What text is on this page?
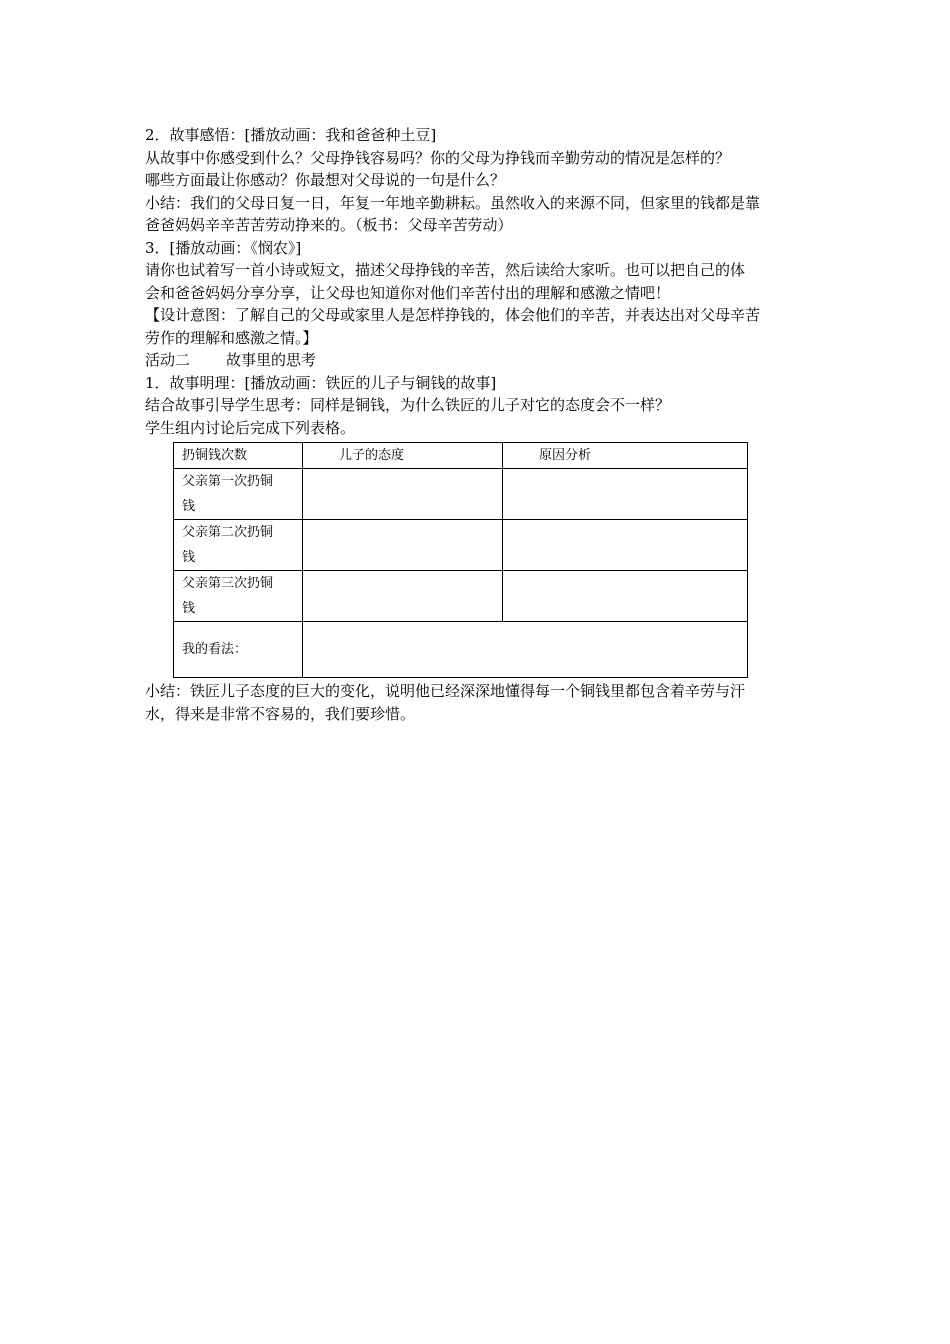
2．故事感悟：[播放动画：我和爸爸种土豆]

从故事中你感受到什么？父母挣钱容易吗？你的父母为挣钱而辛勤劳动的情况是怎样的？

哪些方面最让你感动？你最想对父母说的一句是什么？

小结：我们的父母日复一日，年复一年地辛勤耕耘。虽然收入的来源不同，但家里的钱都是靠

爸爸妈妈辛辛苦苦劳动挣来的。（板书：父母辛苦劳动）

3．[播放动画：《悯农》]

请你也试着写一首小诗或短文，描述父母挣钱的辛苦，然后读给大家听。也可以把自己的体

会和爸爸妈妈分享分享，让父母也知道你对他们辛苦付出的理解和感激之情吧！

【设计意图：了解自己的父母或家里人是怎样挣钱的，体会他们的辛苦，并表达出对父母辛苦

劳作的理解和感激之情。】

活动二 故事里的思考

1．故事明理：[播放动画：铁匠的儿子与铜钱的故事]

结合故事引导学生思考：同样是铜钱，为什么铁匠的儿子对它的态度会不一样？

学生组内讨论后完成下列表格。

扔铜钱次数	儿子的态度	原因分析
父亲第一次扔铜
钱		
父亲第二次扔铜
钱		
父亲第三次扔铜
钱		
我的看法：		

小结：铁匠儿子态度的巨大的变化，说明他已经深深地懂得每一个铜钱里都包含着辛劳与汗

水，得来是非常不容易的，我们要珍惜。
